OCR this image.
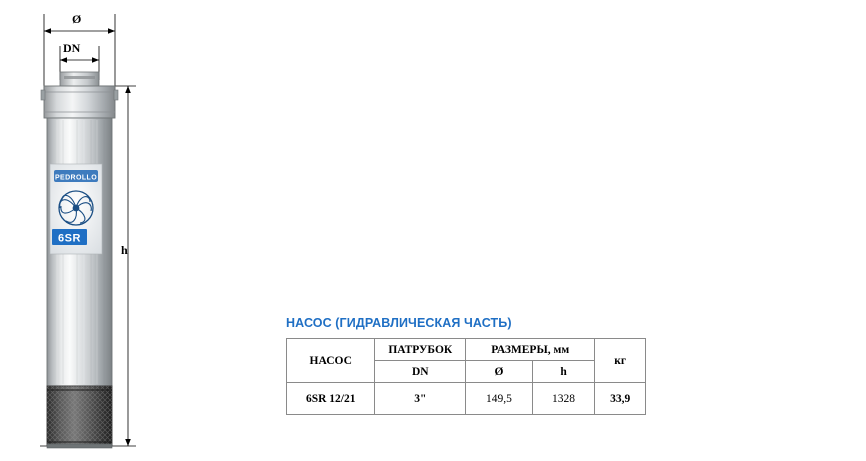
PEDROLLO
6SR
Ø
DN
h
НАСОС (ГИДРАВЛИЧЕСКАЯ ЧАСТЬ)
НАСОС	ПАТРУБОК	РАЗМЕРЫ, мм		кг
	DN	Ø	h	
6SR 12/21	3"	149,5	1328	33,9
